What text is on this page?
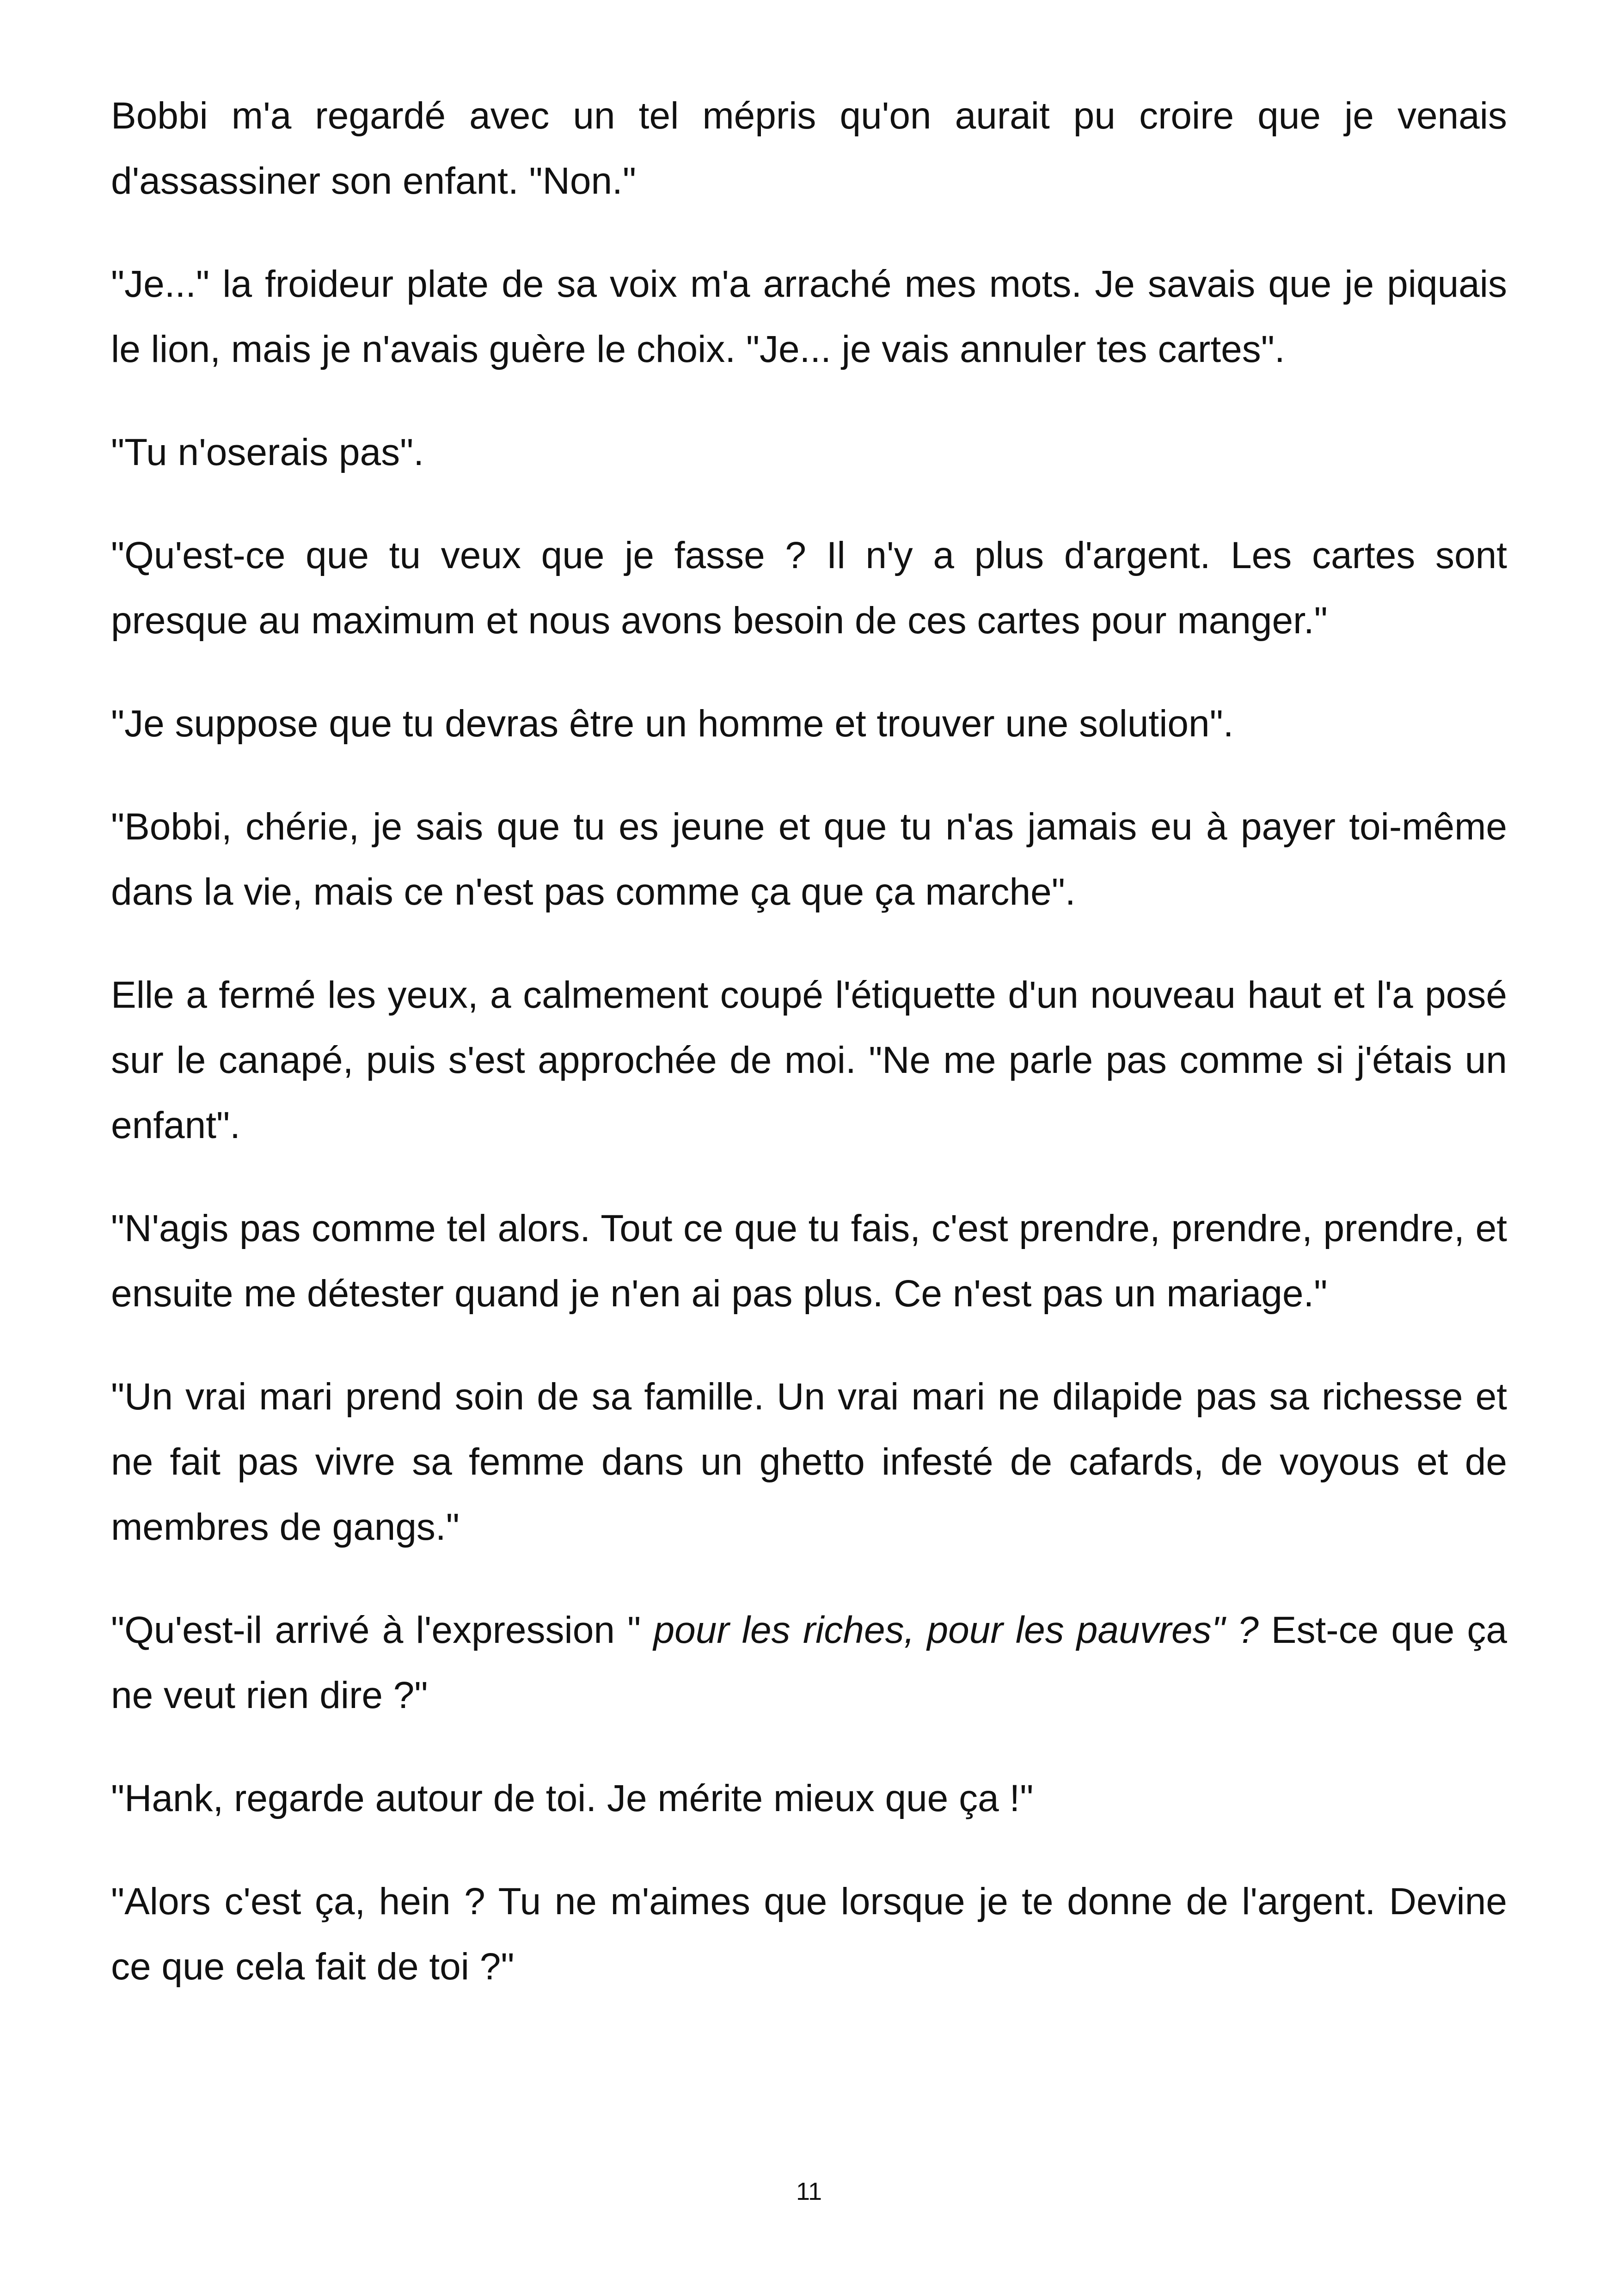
Bobbi m'a regardé avec un tel mépris qu'on aurait pu croire que je venais d'assassiner son enfant. "Non."

"Je..." la froideur plate de sa voix m'a arraché mes mots. Je savais que je piquais le lion, mais je n'avais guère le choix. "Je... je vais annuler tes cartes".

"Tu n'oserais pas".

"Qu'est-ce que tu veux que je fasse ? Il n'y a plus d'argent. Les cartes sont presque au maximum et nous avons besoin de ces cartes pour manger."

"Je suppose que tu devras être un homme et trouver une solution".

"Bobbi, chérie, je sais que tu es jeune et que tu n'as jamais eu à payer toi-même dans la vie, mais ce n'est pas comme ça que ça marche".

Elle a fermé les yeux, a calmement coupé l'étiquette d'un nouveau haut et l'a posé sur le canapé, puis s'est approchée de moi. "Ne me parle pas comme si j'étais un enfant".

"N'agis pas comme tel alors. Tout ce que tu fais, c'est prendre, prendre, prendre, et ensuite me détester quand je n'en ai pas plus. Ce n'est pas un mariage."

"Un vrai mari prend soin de sa famille. Un vrai mari ne dilapide pas sa richesse et ne fait pas vivre sa femme dans un ghetto infesté de cafards, de voyous et de membres de gangs."

"Qu'est-il arrivé à l'expression " pour les riches, pour les pauvres" ? Est-ce que ça ne veut rien dire ?"

"Hank, regarde autour de toi. Je mérite mieux que ça !"

"Alors c'est ça, hein ? Tu ne m'aimes que lorsque je te donne de l'argent. Devine ce que cela fait de toi ?"

11
